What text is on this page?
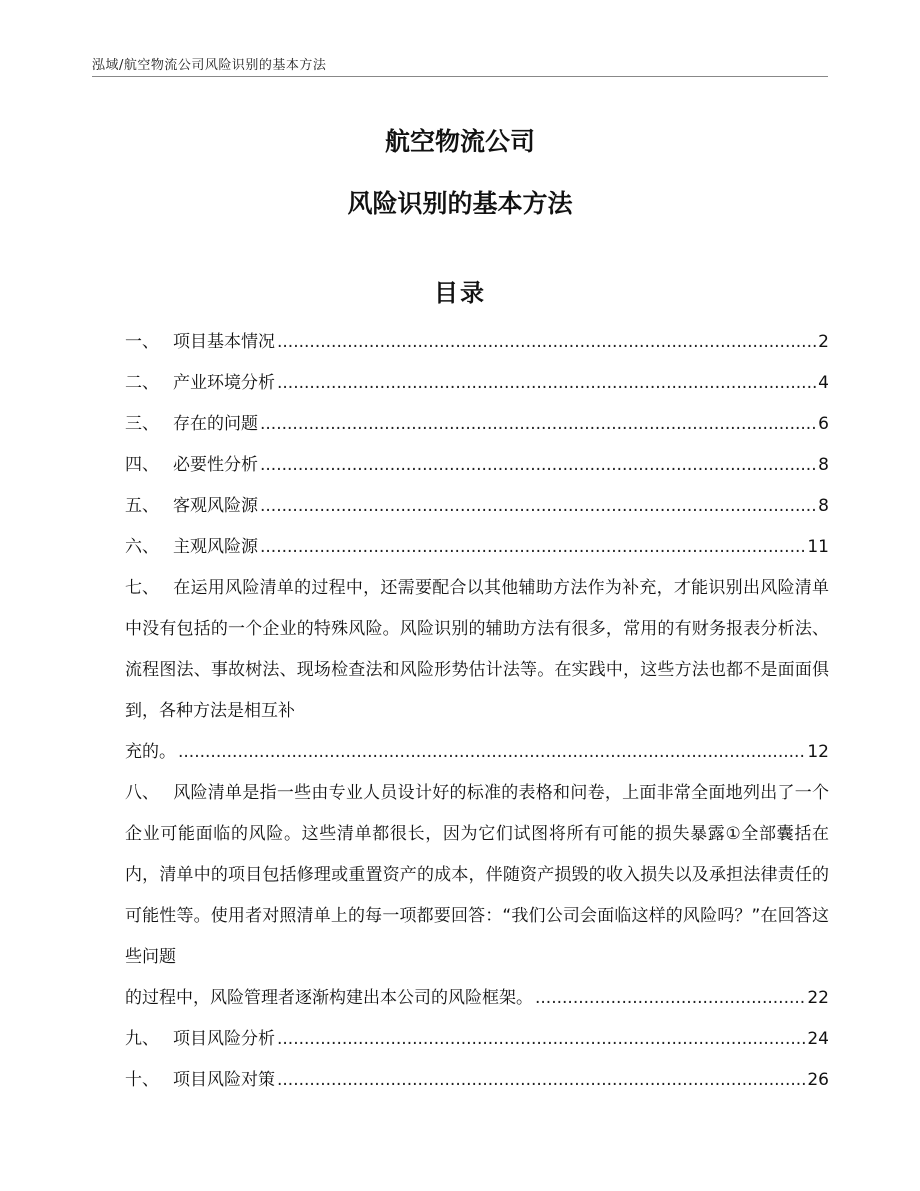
泓域/航空物流公司风险识别的基本方法
航空物流公司
风险识别的基本方法
目录
一、 项目基本情况 .....	2
二、 产业环境分析 .....	4
三、 存在的问题 .....	6
四、 必要性分析 .....	8
五、 客观风险源 .....	8
六、 主观风险源 .....	11
七、 在运用风险清单的过程中，还需要配合以其他辅助方法作为补充，才能识别出风险清单中没有包括的一个企业的特殊风险。风险识别的辅助方法有很多，常用的有财务报表分析法、流程图法、事故树法、现场检查法和风险形势估计法等。在实践中，这些方法也都不是面面俱到，各种方法是相互补
充的。 .....	12
八、 风险清单是指一些由专业人员设计好的标准的表格和问卷，上面非常全面地列出了一个企业可能面临的风险。这些清单都很长，因为它们试图将所有可能的损失暴露①全部囊括在内，清单中的项目包括修理或重置资产的成本，伴随资产损毁的收入损失以及承担法律责任的可能性等。使用者对照清单上的每一项都要回答：“我们公司会面临这样的风险吗？”在回答这些问题
的过程中，风险管理者逐渐构建出本公司的风险框架。 .....	22
九、 项目风险分析 .....	24
十、 项目风险对策 .....	26
